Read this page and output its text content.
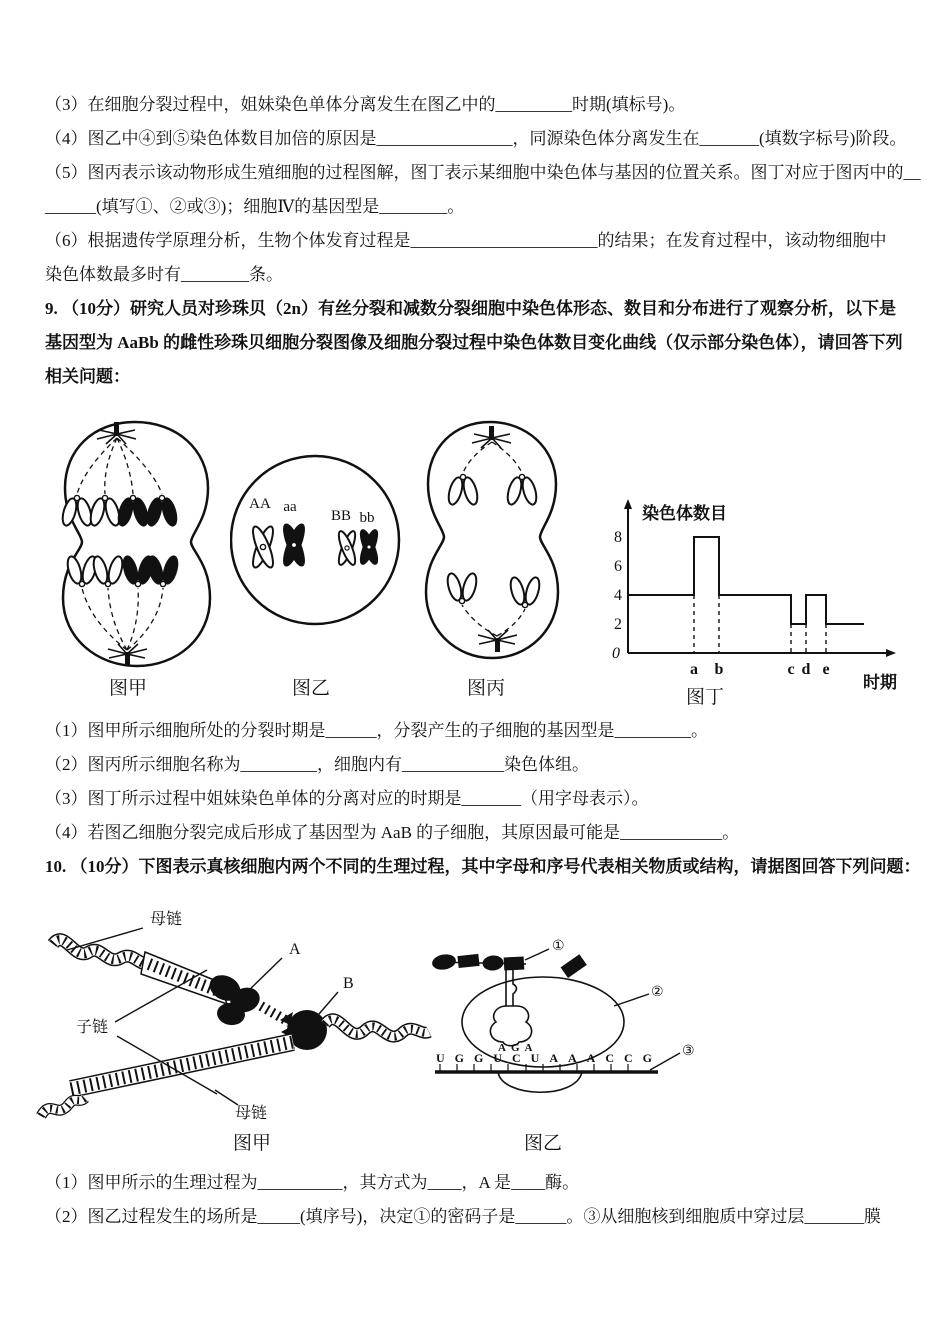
（3）在细胞分裂过程中，姐妹染色单体分离发生在图乙中的_________时期(填标号)。

（4）图乙中④到⑤染色体数目加倍的原因是________________，同源染色体分离发生在_______(填数字标号)阶段。

（5）图丙表示该动物形成生殖细胞的过程图解，图丁表示某细胞中染色体与基因的位置关系。图丁对应于图丙中的__

______(填写①、②或③)；细胞Ⅳ的基因型是________。

（6）根据遗传学原理分析，生物个体发育过程是______________________的结果；在发育过程中，该动物细胞中

染色体数最多时有________条。

9. （10分）研究人员对珍珠贝（2n）有丝分裂和减数分裂细胞中染色体形态、数目和分布进行了观察分析，以下是

基因型为 AaBb 的雌性珍珠贝细胞分裂图像及细胞分裂过程中染色体数目变化曲线（仅示部分染色体），请回答下列

相关问题：

图甲
AA aa
BB bb
图乙	图丙
染色体数目
8
6
4
2
0
a b	c d e
时期
图丁

（1）图甲所示细胞所处的分裂时期是______，分裂产生的子细胞的基因型是_________。

（2）图丙所示细胞名称为_________，细胞内有____________染色体组。

（3）图丁所示过程中姐妹染色单体的分离对应的时期是_______（用字母表示）。

（4）若图乙细胞分裂完成后形成了基因型为 AaB 的子细胞，其原因最可能是____________。

10. （10分）下图表示真核细胞内两个不同的生理过程，其中字母和序号代表相关物质或结构，请据图回答下列问题：

母链
A
B
子链
母链
图甲
AGA
UGGUCUAAACCG
①
②
③
图乙

（1）图甲所示的生理过程为__________，其方式为____，A 是____酶。

（2）图乙过程发生的场所是_____(填序号)，决定①的密码子是______。③从细胞核到细胞质中穿过层_______膜
